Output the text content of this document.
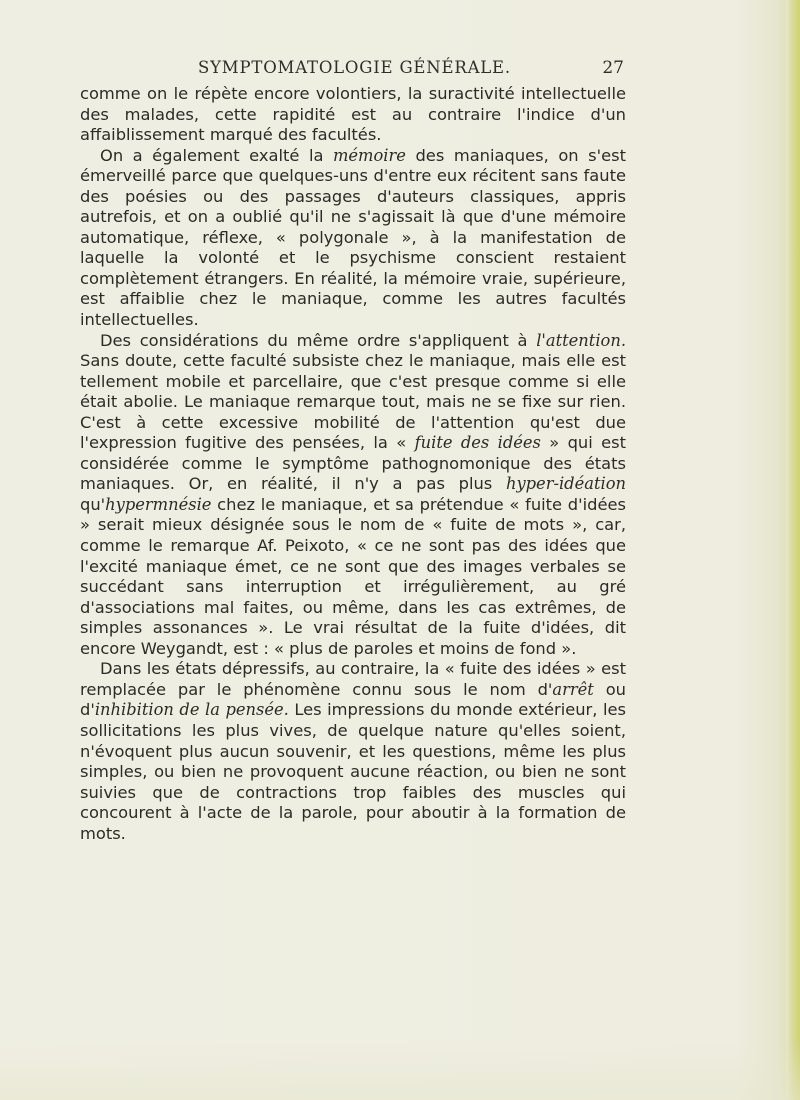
SYMPTOMATOLOGIE GÉNÉRALE.	27

comme on le répète encore volontiers, la suractivité intellectuelle des malades, cette rapidité est au contraire l'indice d'un affaiblissement marqué des facultés.

On a également exalté la mémoire des maniaques, on s'est émerveillé parce que quelques-uns d'entre eux récitent sans faute des poésies ou des passages d'auteurs classiques, appris autrefois, et on a oublié qu'il ne s'agissait là que d'une mémoire automatique, réflexe, « polygonale », à la manifestation de laquelle la volonté et le psychisme conscient restaient complètement étrangers. En réalité, la mémoire vraie, supérieure, est affaiblie chez le maniaque, comme les autres facultés intellectuelles.

Des considérations du même ordre s'appliquent à l'attention. Sans doute, cette faculté subsiste chez le maniaque, mais elle est tellement mobile et parcellaire, que c'est presque comme si elle était abolie. Le maniaque remarque tout, mais ne se fixe sur rien. C'est à cette excessive mobilité de l'attention qu'est due l'expression fugitive des pensées, la « fuite des idées » qui est considérée comme le symptôme pathognomonique des états maniaques. Or, en réalité, il n'y a pas plus hyper-idéation qu'hypermnésie chez le maniaque, et sa prétendue « fuite d'idées » serait mieux désignée sous le nom de « fuite de mots », car, comme le remarque Af. Peixoto, « ce ne sont pas des idées que l'excité maniaque émet, ce ne sont que des images verbales se succédant sans interruption et irrégulièrement, au gré d'associations mal faites, ou même, dans les cas extrêmes, de simples assonances ». Le vrai résultat de la fuite d'idées, dit encore Weygandt, est : « plus de paroles et moins de fond ».

Dans les états dépressifs, au contraire, la « fuite des idées » est remplacée par le phénomène connu sous le nom d'arrêt ou d'inhibition de la pensée. Les impressions du monde extérieur, les sollicitations les plus vives, de quelque nature qu'elles soient, n'évoquent plus aucun souvenir, et les questions, même les plus simples, ou bien ne provoquent aucune réaction, ou bien ne sont suivies que de contractions trop faibles des muscles qui concourent à l'acte de la parole, pour aboutir à la formation de mots.
